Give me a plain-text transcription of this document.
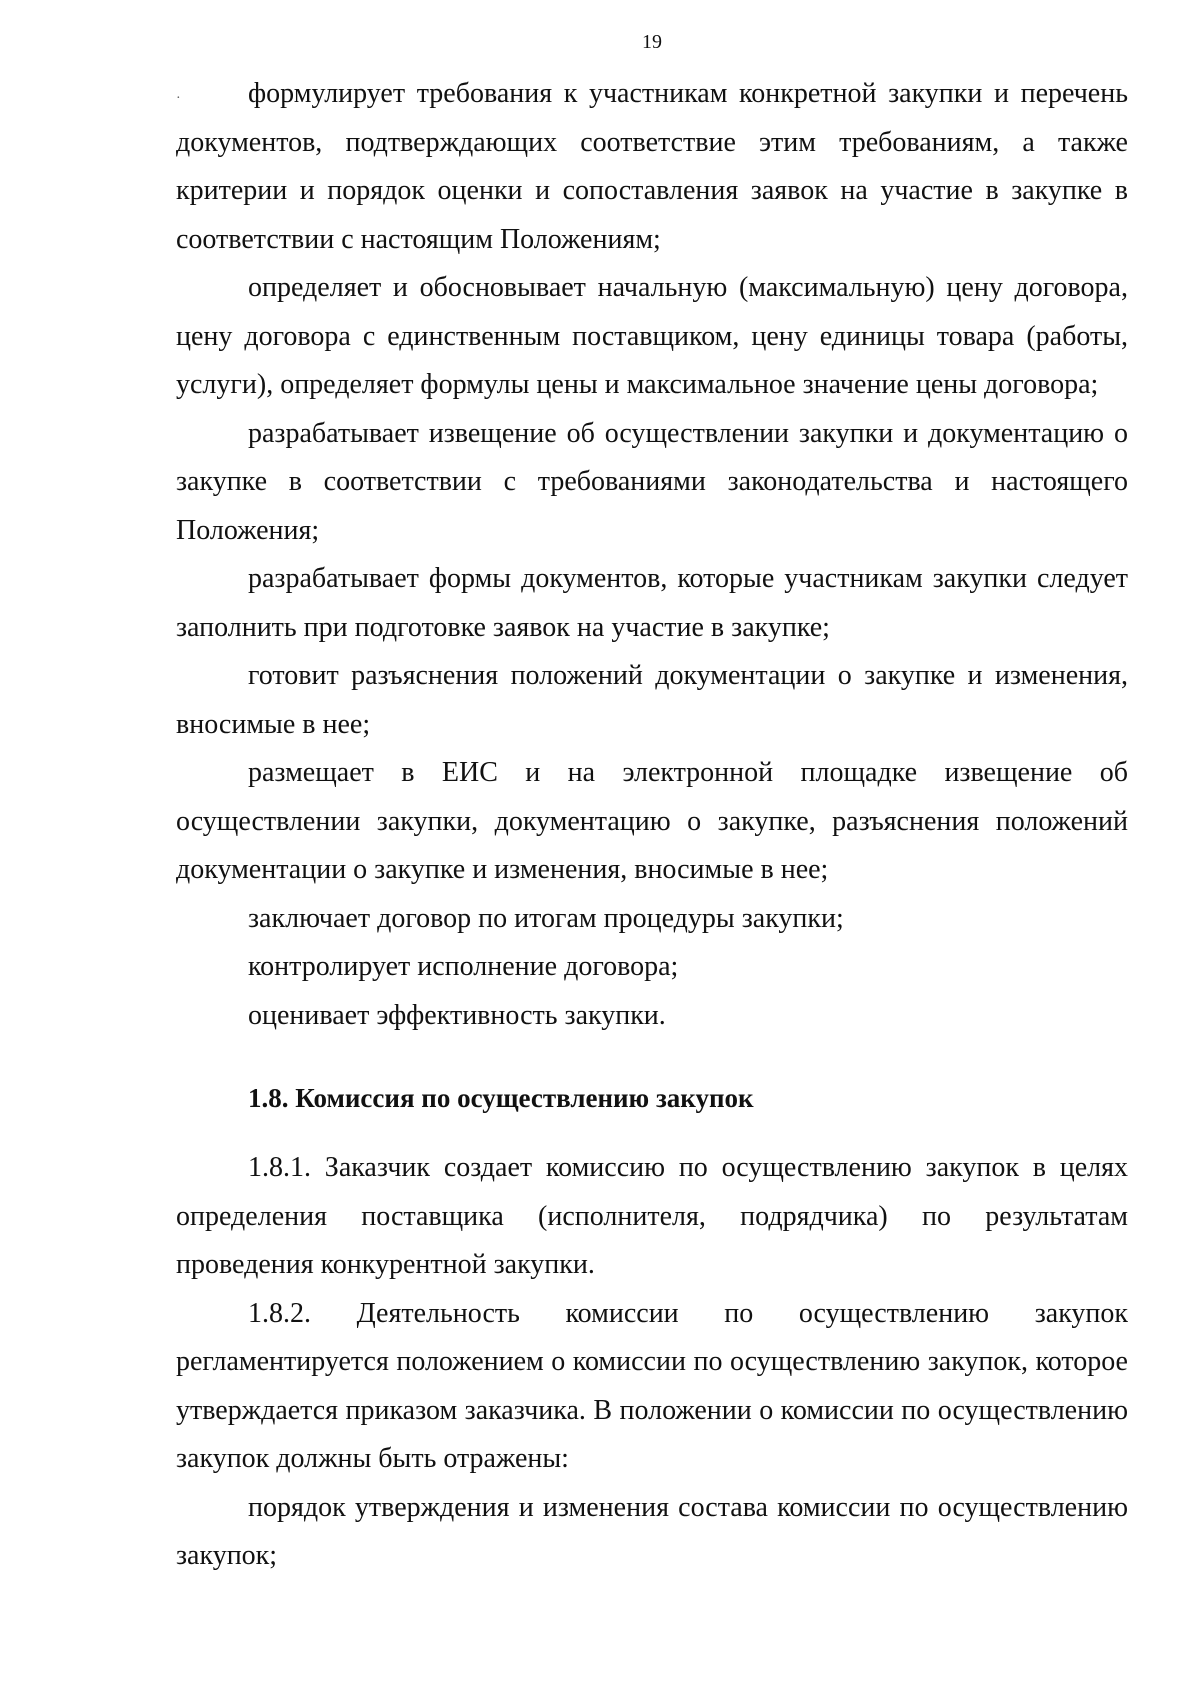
19
·	формулирует требования к участникам конкретной закупки и перечень документов, подтверждающих соответствие этим требованиям, а также критерии и порядок оценки и сопоставления заявок на участие в закупке в соответствии с настоящим Положениям;

определяет и обосновывает начальную (максимальную) цену договора, цену договора с единственным поставщиком, цену единицы товара (работы, услуги), определяет формулы цены и максимальное значение цены договора;

разрабатывает извещение об осуществлении закупки и документацию о закупке в соответствии с требованиями законодательства и настоящего Положения;

разрабатывает формы документов, которые участникам закупки следует заполнить при подготовке заявок на участие в закупке;

готовит разъяснения положений документации о закупке и изменения, вносимые в нее;

размещает в ЕИС и на электронной площадке извещение об осуществлении закупки, документацию о закупке, разъяснения положений документации о закупке и изменения, вносимые в нее;

заключает договор по итогам процедуры закупки;

контролирует исполнение договора;

оценивает эффективность закупки.

1.8. Комиссия по осуществлению закупок

1.8.1. Заказчик создает комиссию по осуществлению закупок в целях определения поставщика (исполнителя, подрядчика) по результатам проведения конкурентной закупки.

1.8.2. Деятельность комиссии по осуществлению закупок регламентируется положением о комиссии по осуществлению закупок, которое утверждается приказом заказчика. В положении о комиссии по осуществлению закупок должны быть отражены:

порядок утверждения и изменения состава комиссии по осуществлению закупок;
